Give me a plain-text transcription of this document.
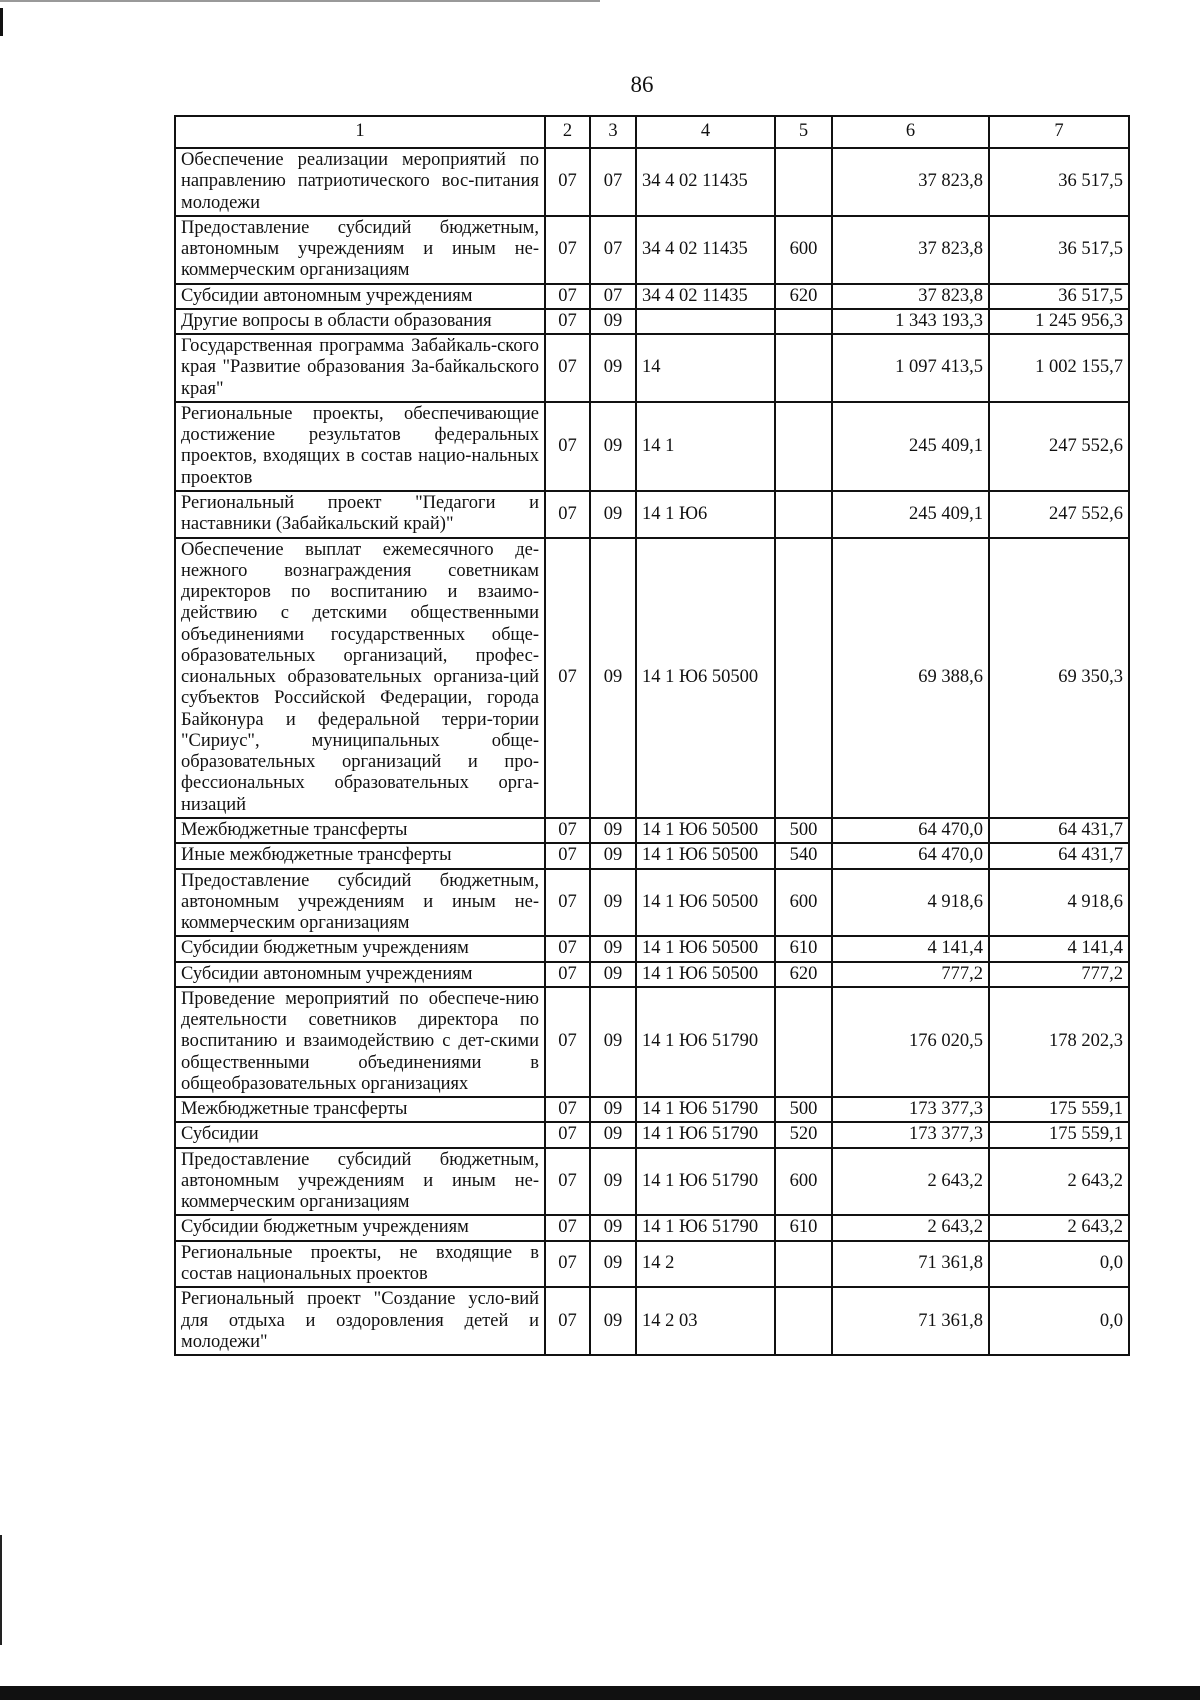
86
1	2	3	4	5	6	7
Обеспечение реализации мероприятий по направлению патриотического вос-питания молодежи	07	07	34 4 02 11435		37 823,8	36 517,5
Предоставление субсидий бюджетным, автономным учреждениям и иным не-коммерческим организациям	07	07	34 4 02 11435	600	37 823,8	36 517,5
Субсидии автономным учреждениям	07	07	34 4 02 11435	620	37 823,8	36 517,5
Другие вопросы в области образования	07	09			1 343 193,3	1 245 956,3
Государственная программа Забайкаль-ского края "Развитие образования За-байкальского края"	07	09	14		1 097 413,5	1 002 155,7
Региональные проекты, обеспечивающие достижение результатов федеральных проектов, входящих в состав нацио-нальных проектов	07	09	14 1		245 409,1	247 552,6
Региональный проект "Педагоги и наставники (Забайкальский край)"	07	09	14 1 Ю6		245 409,1	247 552,6
Обеспечение выплат ежемесячного де-нежного вознаграждения советникам директоров по воспитанию и взаимо-действию с детскими общественными объединениями государственных обще-образовательных организаций, профес-сиональных образовательных организа-ций субъектов Российской Федерации, города Байконура и федеральной терри-тории "Сириус", муниципальных обще-образовательных организаций и про-фессиональных образовательных орга-низаций	07	09	14 1 Ю6 50500		69 388,6	69 350,3
Межбюджетные трансферты	07	09	14 1 Ю6 50500	500	64 470,0	64 431,7
Иные межбюджетные трансферты	07	09	14 1 Ю6 50500	540	64 470,0	64 431,7
Предоставление субсидий бюджетным, автономным учреждениям и иным не-коммерческим организациям	07	09	14 1 Ю6 50500	600	4 918,6	4 918,6
Субсидии бюджетным учреждениям	07	09	14 1 Ю6 50500	610	4 141,4	4 141,4
Субсидии автономным учреждениям	07	09	14 1 Ю6 50500	620	777,2	777,2
Проведение мероприятий по обеспече-нию деятельности советников директора по воспитанию и взаимодействию с дет-скими общественными объединениями в общеобразовательных организациях	07	09	14 1 Ю6 51790		176 020,5	178 202,3
Межбюджетные трансферты	07	09	14 1 Ю6 51790	500	173 377,3	175 559,1
Субсидии	07	09	14 1 Ю6 51790	520	173 377,3	175 559,1
Предоставление субсидий бюджетным, автономным учреждениям и иным не-коммерческим организациям	07	09	14 1 Ю6 51790	600	2 643,2	2 643,2
Субсидии бюджетным учреждениям	07	09	14 1 Ю6 51790	610	2 643,2	2 643,2
Региональные проекты, не входящие в состав национальных проектов	07	09	14 2		71 361,8	0,0
Региональный проект "Создание усло-вий для отдыха и оздоровления детей и молодежи"	07	09	14 2 03		71 361,8	0,0
